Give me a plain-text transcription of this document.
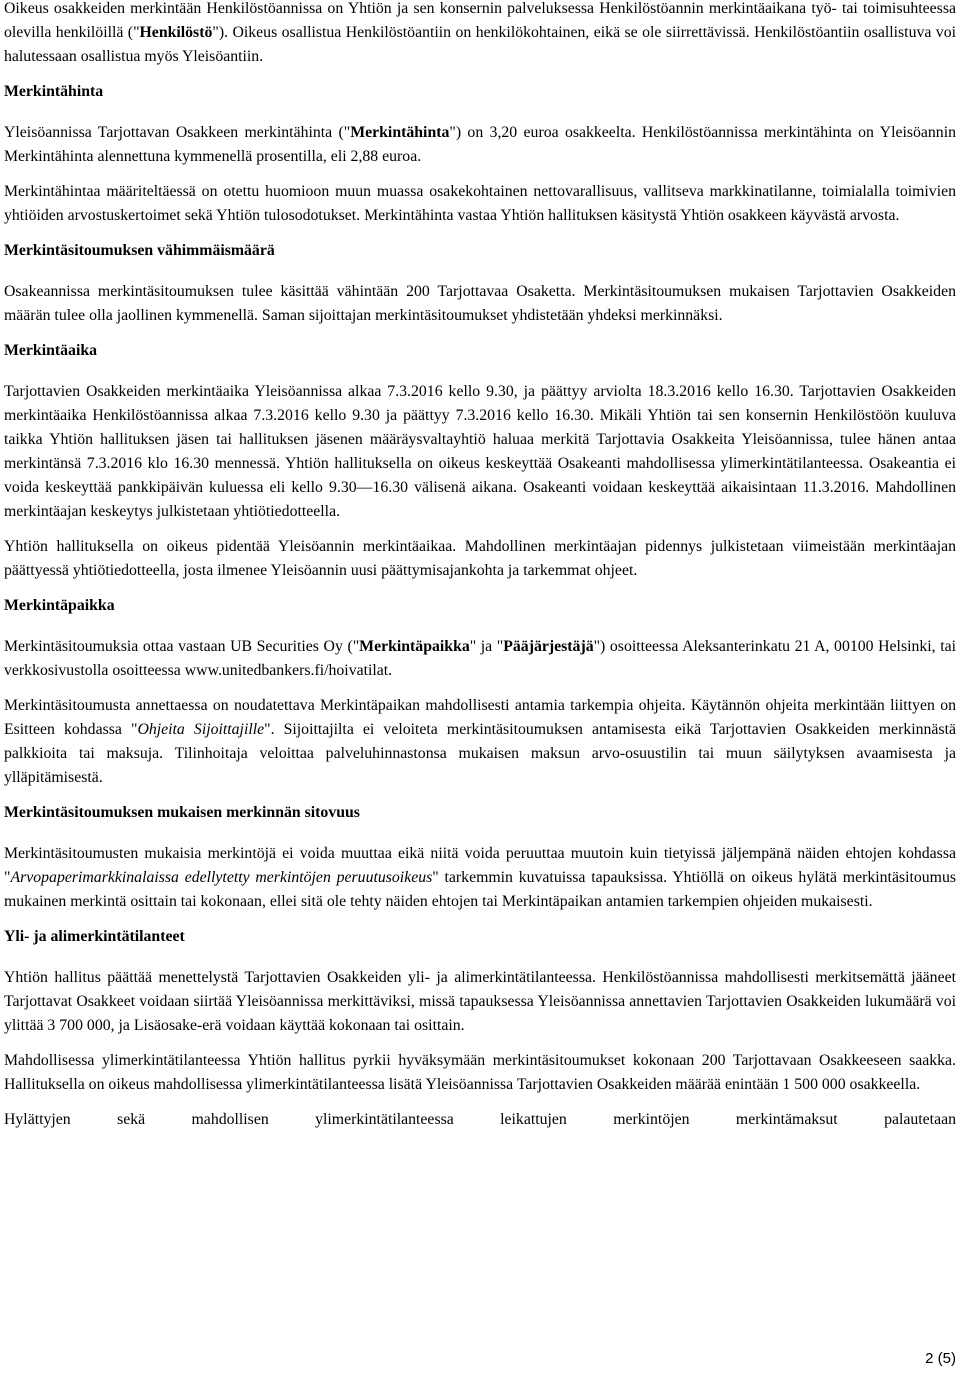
Oikeus osakkeiden merkintään Henkilöstöannissa on Yhtiön ja sen konsernin palveluksessa Henkilöstöannin merkintäaikana työ- tai toimisuhteessa olevilla henkilöillä ("Henkilöstö"). Oikeus osallistua Henkilöstöantiin on henkilökohtainen, eikä se ole siirrettävissä. Henkilöstöantiin osallistuva voi halutessaan osallistua myös Yleisöantiin.

Merkintähinta

Yleisöannissa Tarjottavan Osakkeen merkintähinta ("Merkintähinta") on 3,20 euroa osakkeelta. Henkilöstöannissa merkintähinta on Yleisöannin Merkintähinta alennettuna kymmenellä prosentilla, eli 2,88 euroa.

Merkintähintaa määriteltäessä on otettu huomioon muun muassa osakekohtainen nettovarallisuus, vallitseva markkinatilanne, toimialalla toimivien yhtiöiden arvostuskertoimet sekä Yhtiön tulosodotukset. Merkintähinta vastaa Yhtiön hallituksen käsitystä Yhtiön osakkeen käyvästä arvosta.

Merkintäsitoumuksen vähimmäismäärä

Osakeannissa merkintäsitoumuksen tulee käsittää vähintään 200 Tarjottavaa Osaketta. Merkintäsitoumuksen mukaisen Tarjottavien Osakkeiden määrän tulee olla jaollinen kymmenellä. Saman sijoittajan merkintäsitoumukset yhdistetään yhdeksi merkinnäksi.

Merkintäaika

Tarjottavien Osakkeiden merkintäaika Yleisöannissa alkaa 7.3.2016 kello 9.30, ja päättyy arviolta 18.3.2016 kello 16.30. Tarjottavien Osakkeiden merkintäaika Henkilöstöannissa alkaa 7.3.2016 kello 9.30 ja päättyy 7.3.2016 kello 16.30. Mikäli Yhtiön tai sen konsernin Henkilöstöön kuuluva taikka Yhtiön hallituksen jäsen tai hallituksen jäsenen määräysvaltayhtiö haluaa merkitä Tarjottavia Osakkeita Yleisöannissa, tulee hänen antaa merkintänsä 7.3.2016 klo 16.30 mennessä. Yhtiön hallituksella on oikeus keskeyttää Osakeanti mahdollisessa ylimerkintätilanteessa. Osakeantia ei voida keskeyttää pankkipäivän kuluessa eli kello 9.30—16.30 välisenä aikana. Osakeanti voidaan keskeyttää aikaisintaan 11.3.2016. Mahdollinen merkintäajan keskeytys julkistetaan yhtiötiedotteella.

Yhtiön hallituksella on oikeus pidentää Yleisöannin merkintäaikaa. Mahdollinen merkintäajan pidennys julkistetaan viimeistään merkintäajan päättyessä yhtiötiedotteella, josta ilmenee Yleisöannin uusi päättymisajankohta ja tarkemmat ohjeet.

Merkintäpaikka

Merkintäsitoumuksia ottaa vastaan UB Securities Oy ("Merkintäpaikka" ja "Pääjärjestäjä") osoitteessa Aleksanterinkatu 21 A, 00100 Helsinki, tai verkkosivustolla osoitteessa www.unitedbankers.fi/hoivatilat.

Merkintäsitoumusta annettaessa on noudatettava Merkintäpaikan mahdollisesti antamia tarkempia ohjeita. Käytännön ohjeita merkintään liittyen on Esitteen kohdassa "Ohjeita Sijoittajille". Sijoittajilta ei veloiteta merkintäsitoumuksen antamisesta eikä Tarjottavien Osakkeiden merkinnästä palkkioita tai maksuja. Tilinhoitaja veloittaa palveluhinnastonsa mukaisen maksun arvo-osuustilin tai muun säilytyksen avaamisesta ja ylläpitämisestä.

Merkintäsitoumuksen mukaisen merkinnän sitovuus

Merkintäsitoumusten mukaisia merkintöjä ei voida muuttaa eikä niitä voida peruuttaa muutoin kuin tietyissä jäljempänä näiden ehtojen kohdassa "Arvopaperimarkkinalaissa edellytetty merkintöjen peruutusoikeus" tarkemmin kuvatuissa tapauksissa. Yhtiöllä on oikeus hylätä merkintäsitoumus mukainen merkintä osittain tai kokonaan, ellei sitä ole tehty näiden ehtojen tai Merkintäpaikan antamien tarkempien ohjeiden mukaisesti.

Yli- ja alimerkintätilanteet

Yhtiön hallitus päättää menettelystä Tarjottavien Osakkeiden yli- ja alimerkintätilanteessa. Henkilöstöannissa mahdollisesti merkitsemättä jääneet Tarjottavat Osakkeet voidaan siirtää Yleisöannissa merkittäviksi, missä tapauksessa Yleisöannissa annettavien Tarjottavien Osakkeiden lukumäärä voi ylittää 3 700 000, ja Lisäosake-erä voidaan käyttää kokonaan tai osittain.

Mahdollisessa ylimerkintätilanteessa Yhtiön hallitus pyrkii hyväksymään merkintäsitoumukset kokonaan 200 Tarjottavaan Osakkeeseen saakka. Hallituksella on oikeus mahdollisessa ylimerkintätilanteessa lisätä Yleisöannissa Tarjottavien Osakkeiden määrää enintään 1 500 000 osakkeella.

Hylättyjen sekä mahdollisen ylimerkintätilanteessa leikattujen merkintöjen merkintämaksut palautetaan

2 (5)
